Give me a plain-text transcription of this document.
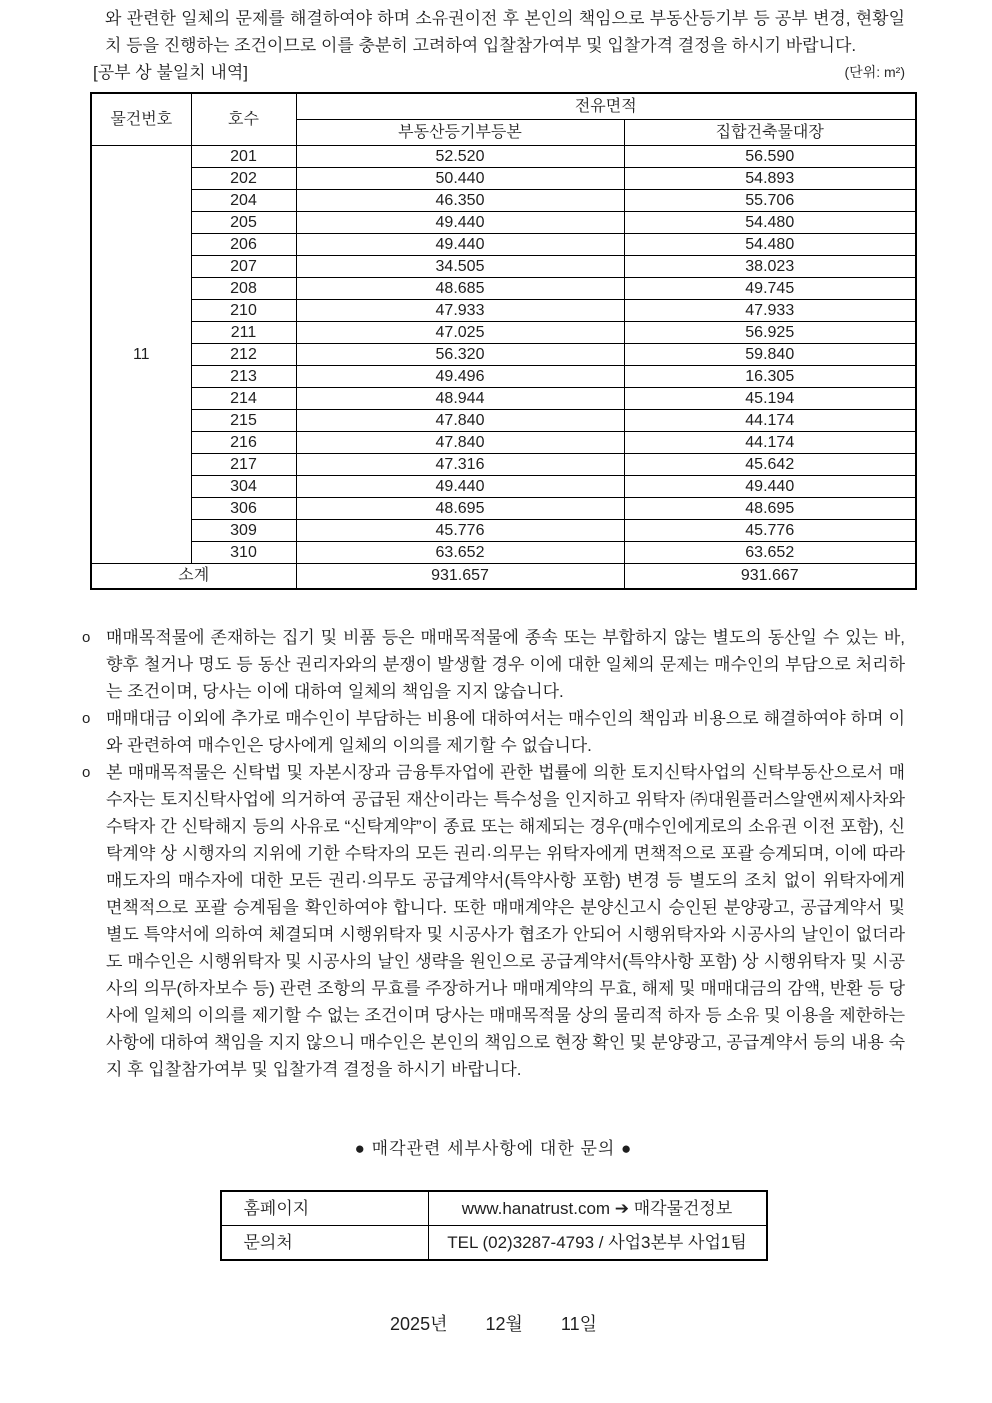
와 관련한 일체의 문제를 해결하여야 하며 소유권이전 후 본인의 책임으로 부동산등기부 등 공부 변경, 현황일치 등을 진행하는 조건이므로 이를 충분히 고려하여 입찰참가여부 및 입찰가격 결정을 하시기 바랍니다.

[공부 상 불일치 내역]	(단위: m²)
물건번호	호수	전유면적	
		부동산등기부등본	집합건축물대장
11	201	52.520	56.590
	202	50.440	54.893
	204	46.350	55.706
	205	49.440	54.480
	206	49.440	54.480
	207	34.505	38.023
	208	48.685	49.745
	210	47.933	47.933
	211	47.025	56.925
	212	56.320	59.840
	213	49.496	16.305
	214	48.944	45.194
	215	47.840	44.174
	216	47.840	44.174
	217	47.316	45.642
	304	49.440	49.440
	306	48.695	48.695
	309	45.776	45.776
	310	63.652	63.652
소계		931.657	931.667
o 매매목적물에 존재하는 집기 및 비품 등은 매매목적물에 종속 또는 부합하지 않는 별도의 동산일 수 있는 바, 향후 철거나 명도 등 동산 권리자와의 분쟁이 발생할 경우 이에 대한 일체의 문제는 매수인의 부담으로 처리하는 조건이며, 당사는 이에 대하여 일체의 책임을 지지 않습니다.
o 매매대금 이외에 추가로 매수인이 부담하는 비용에 대하여서는 매수인의 책임과 비용으로 해결하여야 하며 이와 관련하여 매수인은 당사에게 일체의 이의를 제기할 수 없습니다.
o 본 매매목적물은 신탁법 및 자본시장과 금융투자업에 관한 법률에 의한 토지신탁사업의 신탁부동산으로서 매수자는 토지신탁사업에 의거하여 공급된 재산이라는 특수성을 인지하고 위탁자 ㈜대원플러스알앤씨제사차와 수탁자 간 신탁해지 등의 사유로 “신탁계약”이 종료 또는 해제되는 경우(매수인에게로의 소유권 이전 포함), 신탁계약 상 시행자의 지위에 기한 수탁자의 모든 권리·의무는 위탁자에게 면책적으로 포괄 승계되며, 이에 따라 매도자의 매수자에 대한 모든 권리·의무도 공급계약서(특약사항 포함) 변경 등 별도의 조치 없이 위탁자에게 면책적으로 포괄 승계됨을 확인하여야 합니다. 또한 매매계약은 분양신고시 승인된 분양광고, 공급계약서 및 별도 특약서에 의하여 체결되며 시행위탁자 및 시공사가 협조가 안되어 시행위탁자와 시공사의 날인이 없더라도 매수인은 시행위탁자 및 시공사의 날인 생략을 원인으로 공급계약서(특약사항 포함) 상 시행위탁자 및 시공사의 의무(하자보수 등) 관련 조항의 무효를 주장하거나 매매계약의 무효, 해제 및 매매대금의 감액, 반환 등 당사에 일체의 이의를 제기할 수 없는 조건이며 당사는 매매목적물 상의 물리적 하자 등 소유 및 이용을 제한하는 사항에 대하여 책임을 지지 않으니 매수인은 본인의 책임으로 현장 확인 및 분양광고, 공급계약서 등의 내용 숙지 후 입찰참가여부 및 입찰가격 결정을 하시기 바랍니다.
● 매각관련 세부사항에 대한 문의 ●
홈페이지	www.hanatrust.com ➔ 매각물건정보
문의처	TEL (02)3287-4793 / 사업3본부 사업1팀
2025년 12월 11일
